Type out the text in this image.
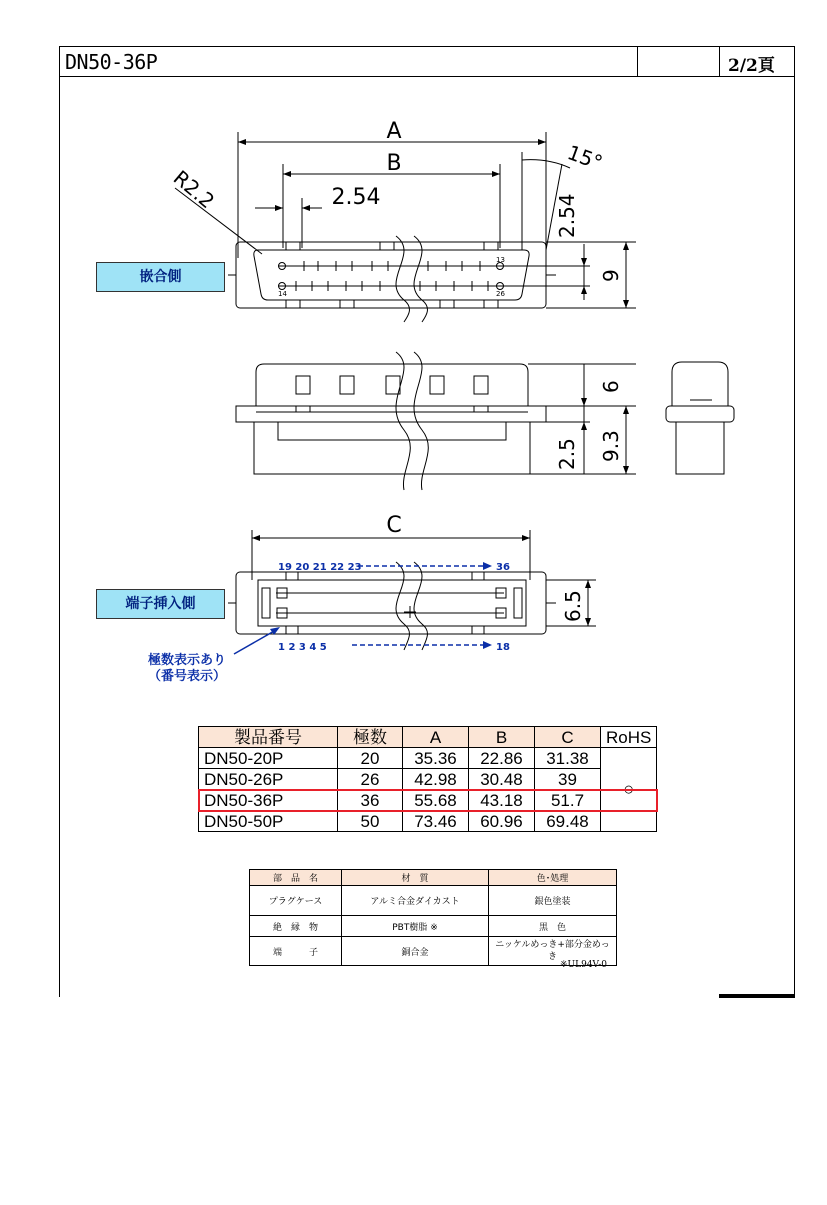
DN50-36P	2/2頁
A
B
2.54
R2.2
15°
2.54
9
6
9.3
2.5
C
6.5
13
14	26
19 20 21 22 23	36
1 2 3 4 5	18
嵌合側
端子挿入側
極数表示あり
（番号表示）
製品番号	極数	A	B	C	RoHS
DN50-20P	20	35.36	22.86	31.38	○
DN50-26P	26	42.98	30.48	39	
DN50-36P	36	55.68	43.18	51.7	
DN50-50P	50	73.46	60.96	69.48	
部　品　名	材　質	色･処理
プラグケース	アルミ合金ダイカスト	銀色塗装
絶　縁　物	PBT樹脂 ※	黒　色
端　　　子	銅合金	ニッケルめっき+部分金めっき
※UL94V-0
